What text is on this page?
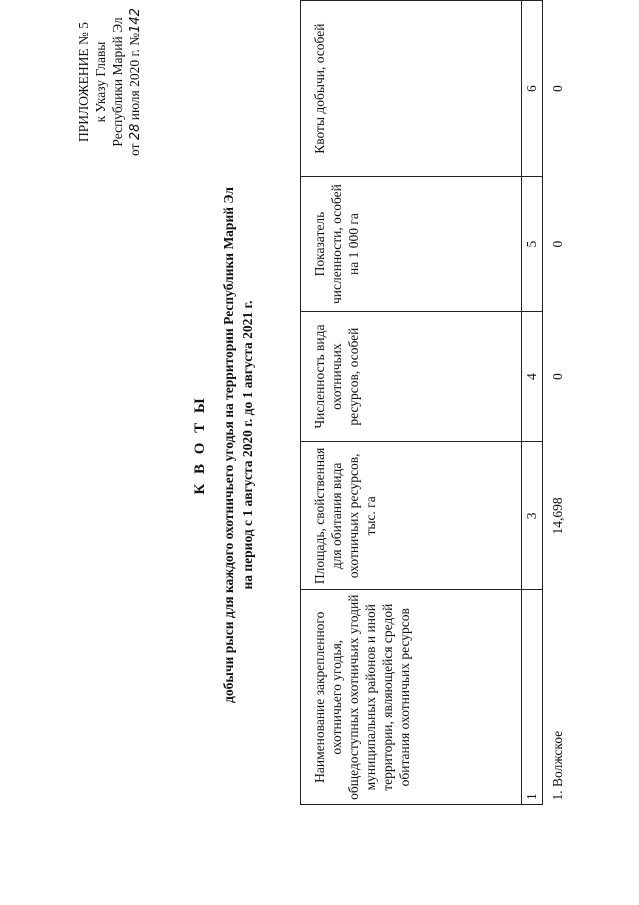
ПРИЛОЖЕНИЕ № 5 к Указу Главы Республики Марий Эл
от 28 июля 2020 г. №142
К В О Т Ы добычи рыси для каждого охотничьего угодья на территории Республики Марий Эл на период с 1 августа 2020 г. до 1 августа 2021 г.
Наименование закрепленного охотничьего угодья, общедоступных охотничьих угодий муниципальных районов и иной территории, являющейся средой обитания охотничьих ресурсов	Площадь, свойственная для обитания вида охотничьих ресурсов, тыс. га	Численность вида охотничьих ресурсов, особей	Показатель численности, особей на 1 000 га	Квоты добычи, особей
1	3	4	5	6
1. Волжское	14,698	0	0	0
